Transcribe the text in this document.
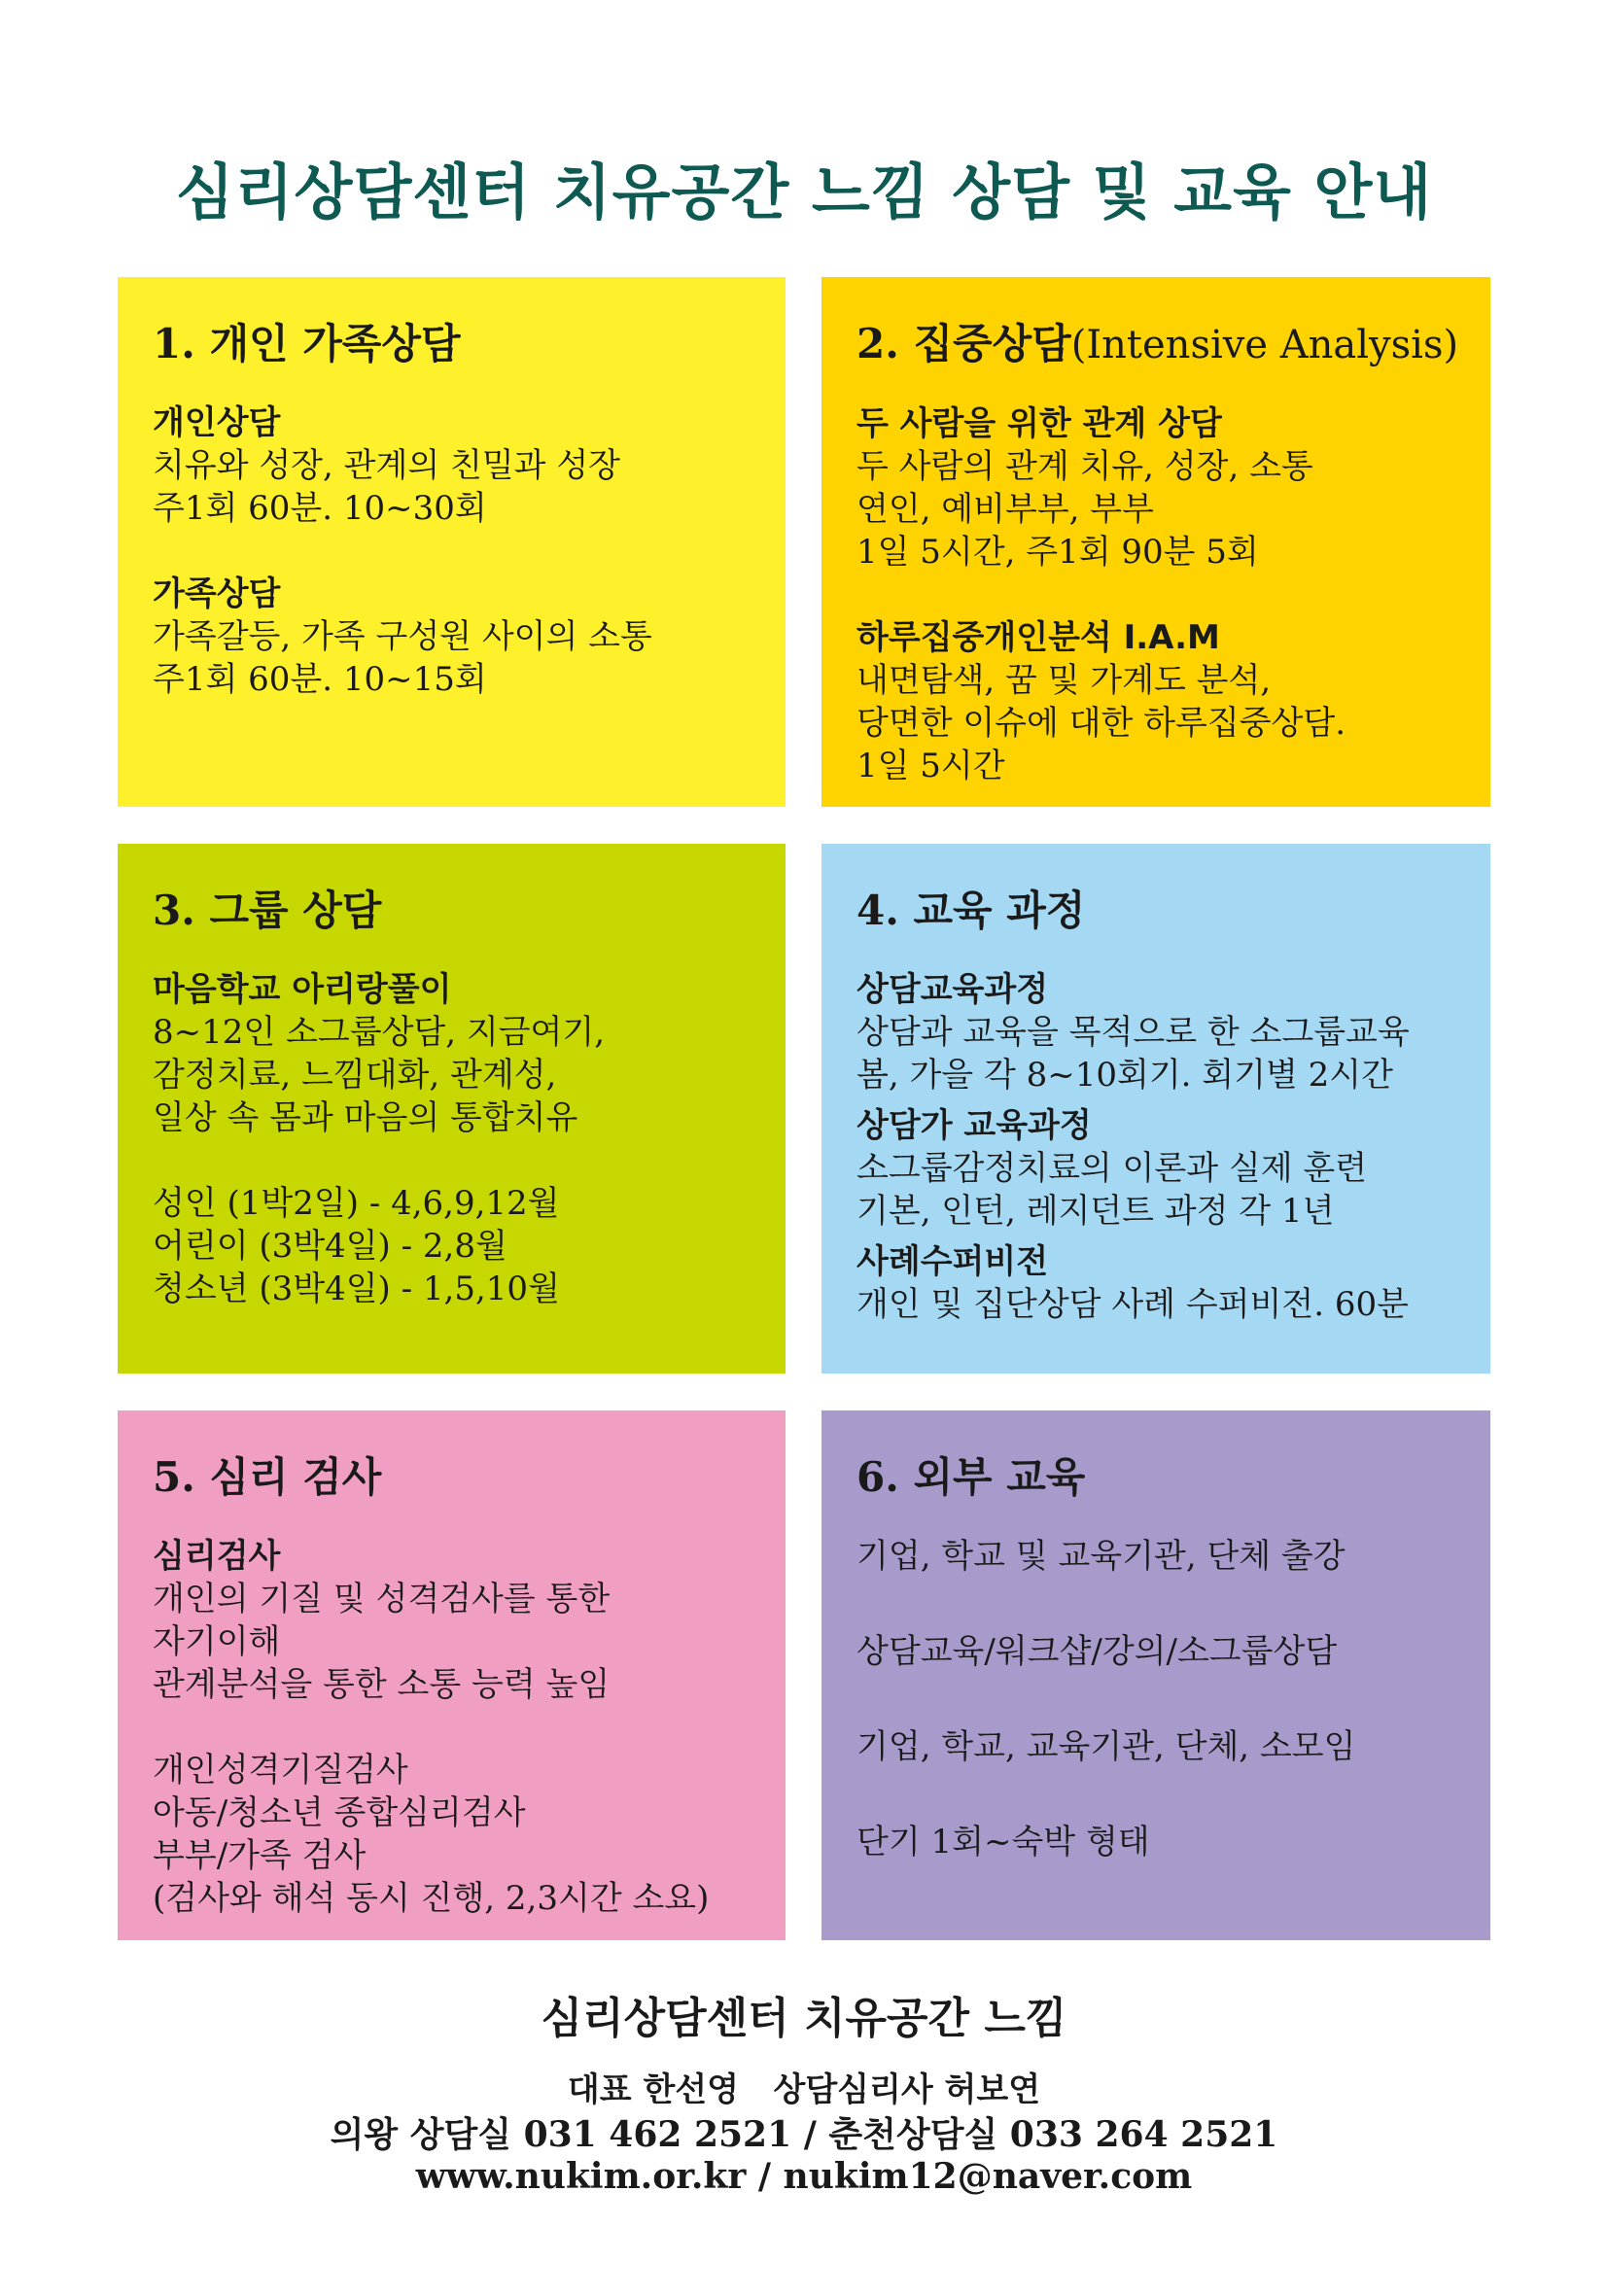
심리상담센터 치유공간 느낌 상담 및 교육 안내
1. 개인 가족상담
개인상담
치유와 성장, 관계의 친밀과 성장
주1회 60분. 10~30회
가족상담
가족갈등, 가족 구성원 사이의 소통
주1회 60분. 10~15회
2. 집중상담(Intensive Analysis)
두 사람을 위한 관계 상담
두 사람의 관계 치유, 성장, 소통
연인, 예비부부, 부부
1일 5시간, 주1회 90분 5회
하루집중개인분석 I.A.M
내면탐색, 꿈 및 가계도 분석,
당면한 이슈에 대한 하루집중상담.
1일 5시간
3. 그룹 상담
마음학교 아리랑풀이
8~12인 소그룹상담, 지금여기,
감정치료, 느낌대화, 관계성,
일상 속 몸과 마음의 통합치유
성인 (1박2일) - 4,6,9,12월
어린이 (3박4일) - 2,8월
청소년 (3박4일) - 1,5,10월
4. 교육 과정
상담교육과정
상담과 교육을 목적으로 한 소그룹교육
봄, 가을 각 8~10회기. 회기별 2시간
상담가 교육과정
소그룹감정치료의 이론과 실제 훈련
기본, 인턴, 레지던트 과정 각 1년
사례수퍼비전
개인 및 집단상담 사례 수퍼비전. 60분
5. 심리 검사
심리검사
개인의 기질 및 성격검사를 통한
자기이해
관계분석을 통한 소통 능력 높임
개인성격기질검사
아동/청소년 종합심리검사
부부/가족 검사
(검사와 해석 동시 진행, 2,3시간 소요)
6. 외부 교육
기업, 학교 및 교육기관, 단체 출강
상담교육/워크샵/강의/소그룹상담
기업, 학교, 교육기관, 단체, 소모임
단기 1회~숙박 형태
심리상담센터 치유공간 느낌
대표 한선영   상담심리사 허보연
의왕 상담실 031 462 2521 / 춘천상담실 033 264 2521
www.nukim.or.kr / nukim12@naver.com
